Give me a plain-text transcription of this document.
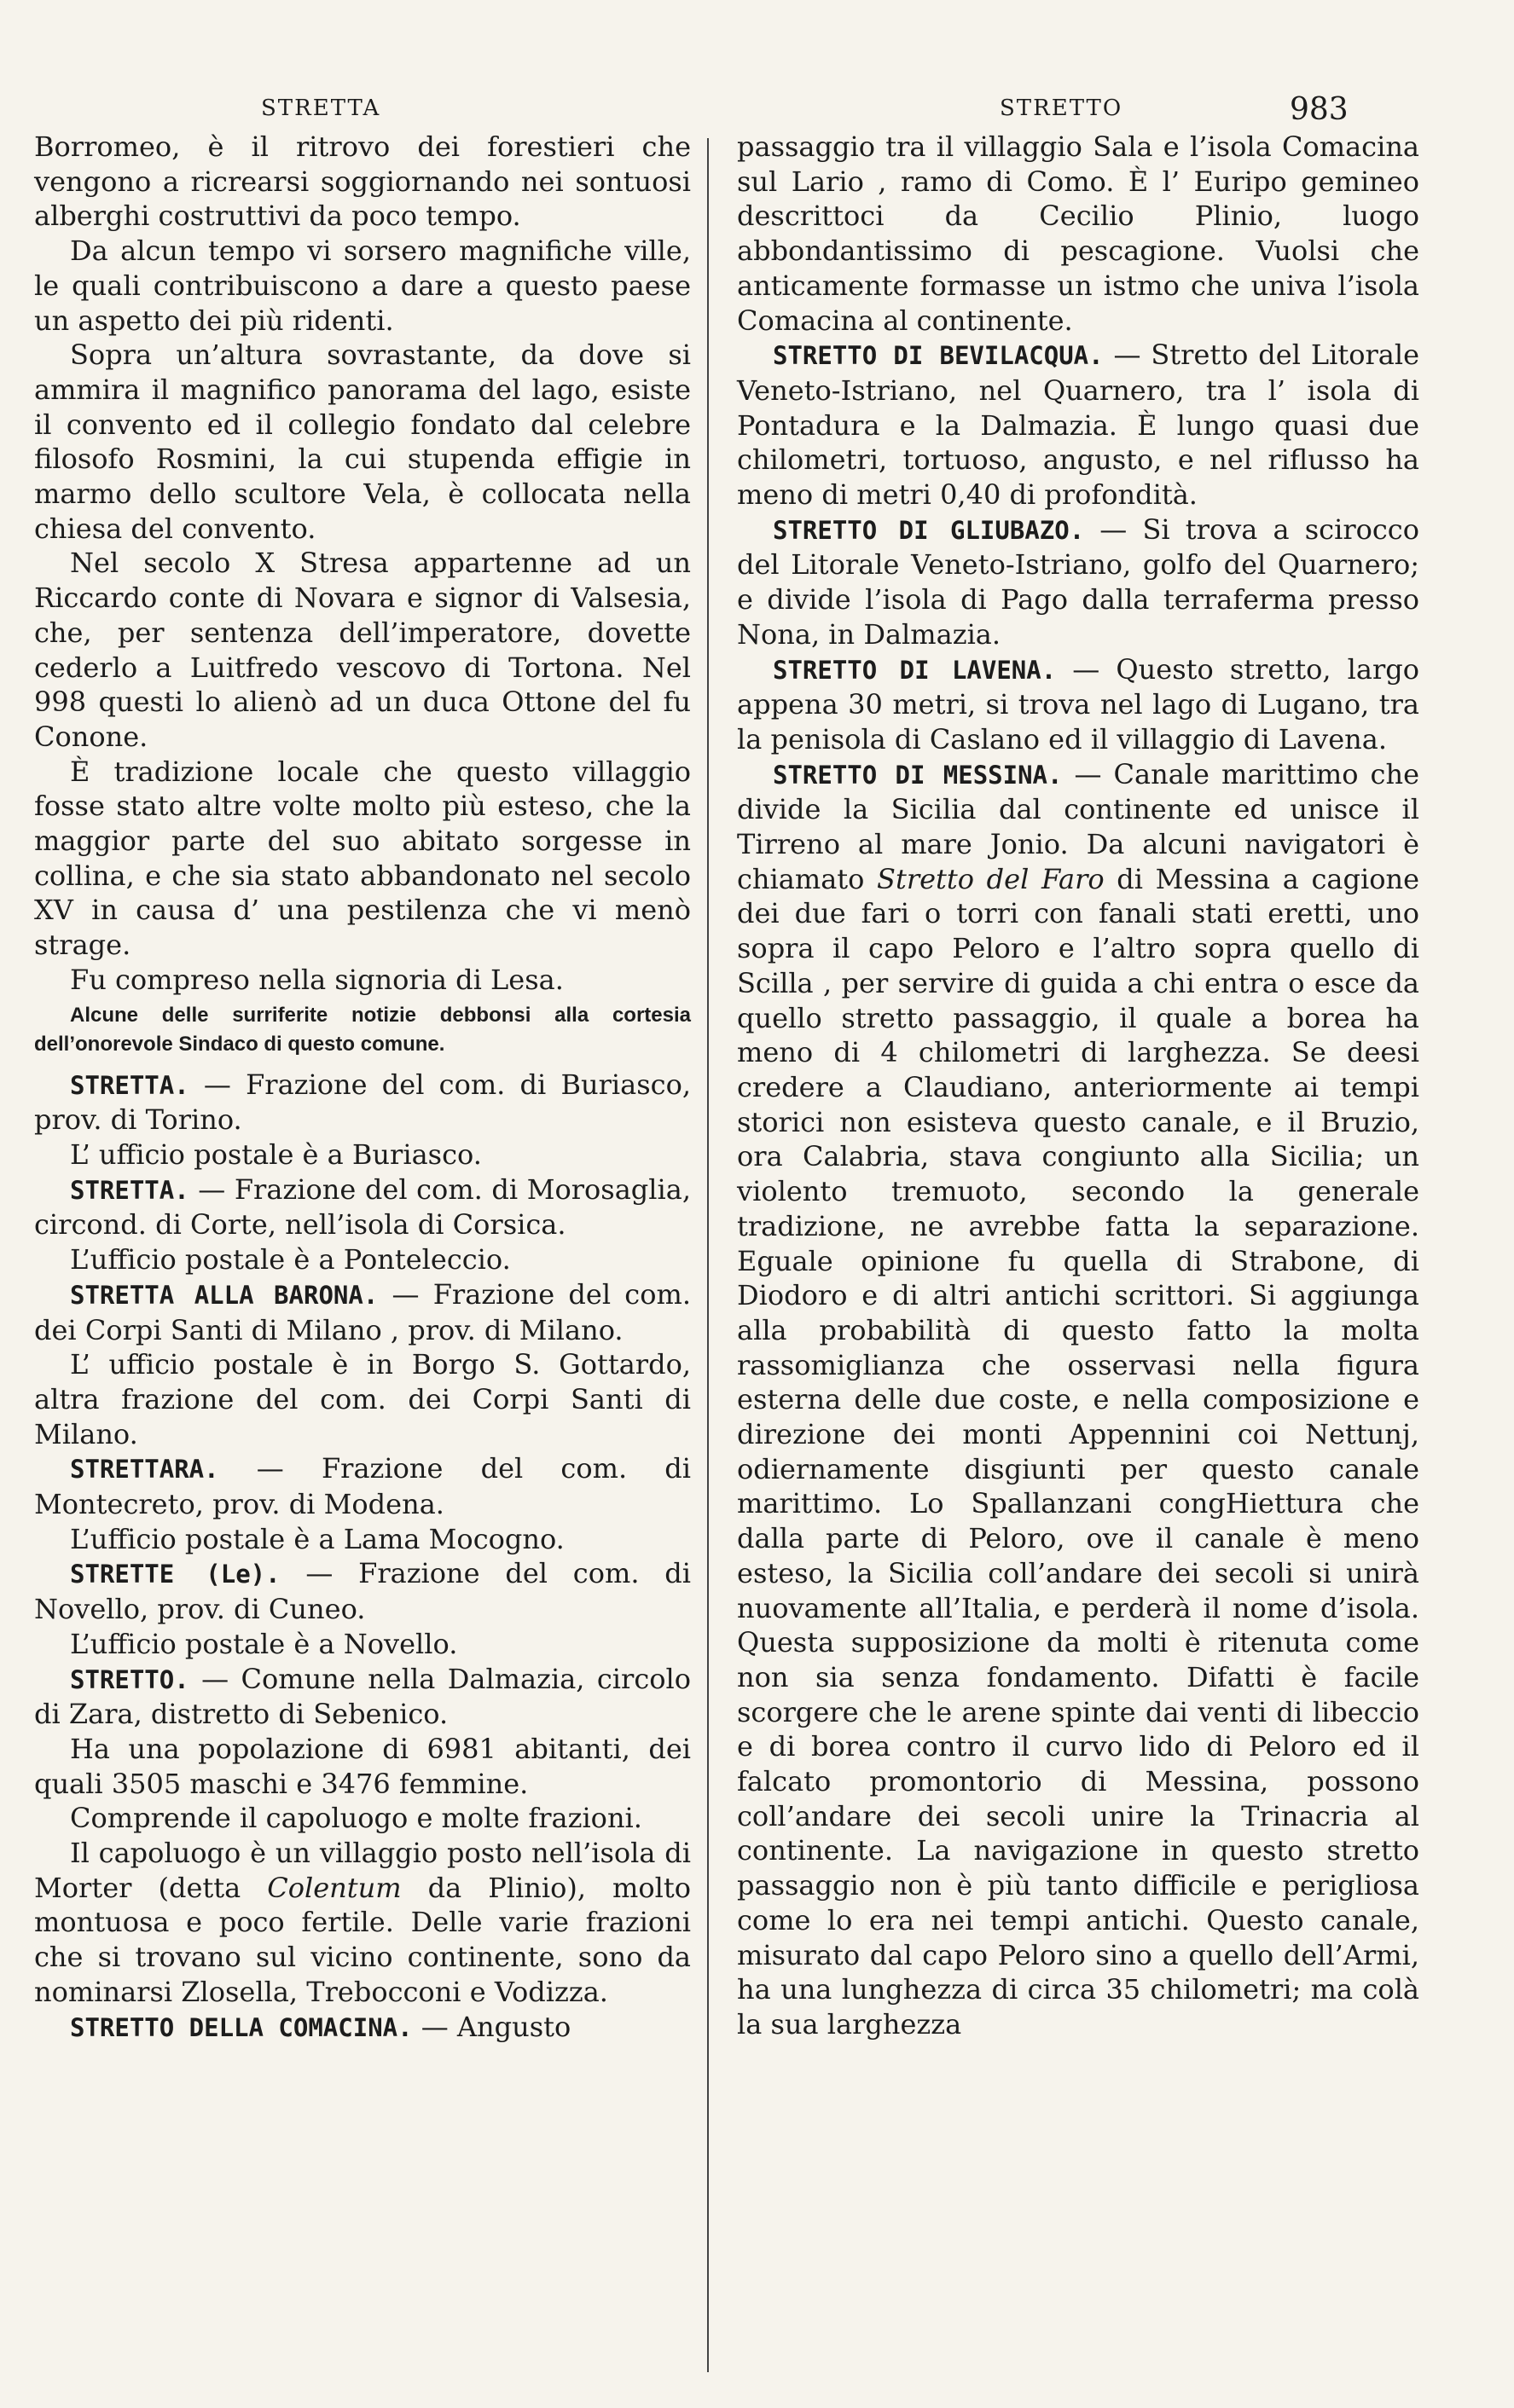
STRETTA	STRETTO	983

Borromeo, è il ritrovo dei forestieri che vengono a ricrearsi soggiornando nei sontuosi alberghi costruttivi da poco tempo.

Da alcun tempo vi sorsero magnifiche ville, le quali contribuiscono a dare a questo paese un aspetto dei più ridenti.

Sopra un’altura sovrastante, da dove si ammira il magnifico panorama del lago, esiste il convento ed il collegio fondato dal celebre filosofo Rosmini, la cui stupenda effigie in marmo dello scultore Vela, è collocata nella chiesa del convento.

Nel secolo X Stresa appartenne ad un Riccardo conte di Novara e signor di Valsesia, che, per sentenza dell’imperatore, dovette cederlo a Luitfredo vescovo di Tortona. Nel 998 questi lo alienò ad un duca Ottone del fu Conone.

È tradizione locale che questo villaggio fosse stato altre volte molto più esteso, che la maggior parte del suo abitato sorgesse in collina, e che sia stato abbandonato nel secolo XV in causa d’ una pestilenza che vi menò strage.

Fu compreso nella signoria di Lesa.

Alcune delle surriferite notizie debbonsi alla cortesia dell’onorevole Sindaco di questo comune.

STRETTA. — Frazione del com. di Buriasco, prov. di Torino.

L’ ufficio postale è a Buriasco.

STRETTA. — Frazione del com. di Morosaglia, circond. di Corte, nell’isola di Corsica.

L’ufficio postale è a Ponteleccio.

STRETTA ALLA BARONA. — Frazione del com. dei Corpi Santi di Milano , prov. di Milano.

L’ ufficio postale è in Borgo S. Gottardo, altra frazione del com. dei Corpi Santi di Milano.

STRETTARA. — Frazione del com. di Montecreto, prov. di Modena.

L’ufficio postale è a Lama Mocogno.

STRETTE (Le). — Frazione del com. di Novello, prov. di Cuneo.

L’ufficio postale è a Novello.

STRETTO. — Comune nella Dalmazia, circolo di Zara, distretto di Sebenico.

Ha una popolazione di 6981 abitanti, dei quali 3505 maschi e 3476 femmine.

Comprende il capoluogo e molte frazioni.

Il capoluogo è un villaggio posto nell’isola di Morter (detta Colentum da Plinio), molto montuosa e poco fertile. Delle varie frazioni che si trovano sul vicino continente, sono da nominarsi Zlosella, Trebocconi e Vodizza.

STRETTO DELLA COMACINA. — Angusto

passaggio tra il villaggio Sala e l’isola Comacina sul Lario , ramo di Como. È l’ Euripo gemineo descrittoci da Cecilio Plinio, luogo abbondantissimo di pescagione. Vuolsi che anticamente formasse un istmo che univa l’isola Comacina al continente.

STRETTO DI BEVILACQUA. — Stretto del Litorale Veneto-Istriano, nel Quarnero, tra l’ isola di Pontadura e la Dalmazia. È lungo quasi due chilometri, tortuoso, angusto, e nel riflusso ha meno di metri 0,40 di profondità.

STRETTO DI GLIUBAZO. — Si trova a scirocco del Litorale Veneto-Istriano, golfo del Quarnero; e divide l’isola di Pago dalla terraferma presso Nona, in Dalmazia.

STRETTO DI LAVENA. — Questo stretto, largo appena 30 metri, si trova nel lago di Lugano, tra la penisola di Caslano ed il villaggio di Lavena.

STRETTO DI MESSINA. — Canale marittimo che divide la Sicilia dal continente ed unisce il Tirreno al mare Jonio. Da alcuni navigatori è chiamato Stretto del Faro di Messina a cagione dei due fari o torri con fanali stati eretti, uno sopra il capo Peloro e l’altro sopra quello di Scilla , per servire di guida a chi entra o esce da quello stretto passaggio, il quale a borea ha meno di 4 chilometri di larghezza. Se deesi credere a Claudiano, anteriormente ai tempi storici non esisteva questo canale, e il Bruzio, ora Calabria, stava congiunto alla Sicilia; un violento tremuoto, secondo la generale tradizione, ne avrebbe fatta la separazione. Eguale opinione fu quella di Strabone, di Diodoro e di altri antichi scrittori. Si aggiunga alla probabilità di questo fatto la molta rassomiglianza che osservasi nella figura esterna delle due coste, e nella composizione e direzione dei monti Appennini coi Nettunj, odiernamente disgiunti per questo canale marittimo. Lo Spallanzani congHiettura che dalla parte di Peloro, ove il canale è meno esteso, la Sicilia coll’andare dei secoli si unirà nuovamente all’Italia, e perderà il nome d’isola. Questa supposizione da molti è ritenuta come non sia senza fondamento. Difatti è facile scorgere che le arene spinte dai venti di libeccio e di borea contro il curvo lido di Peloro ed il falcato promontorio di Messina, possono coll’andare dei secoli unire la Trinacria al continente. La navigazione in questo stretto passaggio non è più tanto difficile e perigliosa come lo era nei tempi antichi. Questo canale, misurato dal capo Peloro sino a quello dell’Armi, ha una lunghezza di circa 35 chilometri; ma colà la sua larghezza
